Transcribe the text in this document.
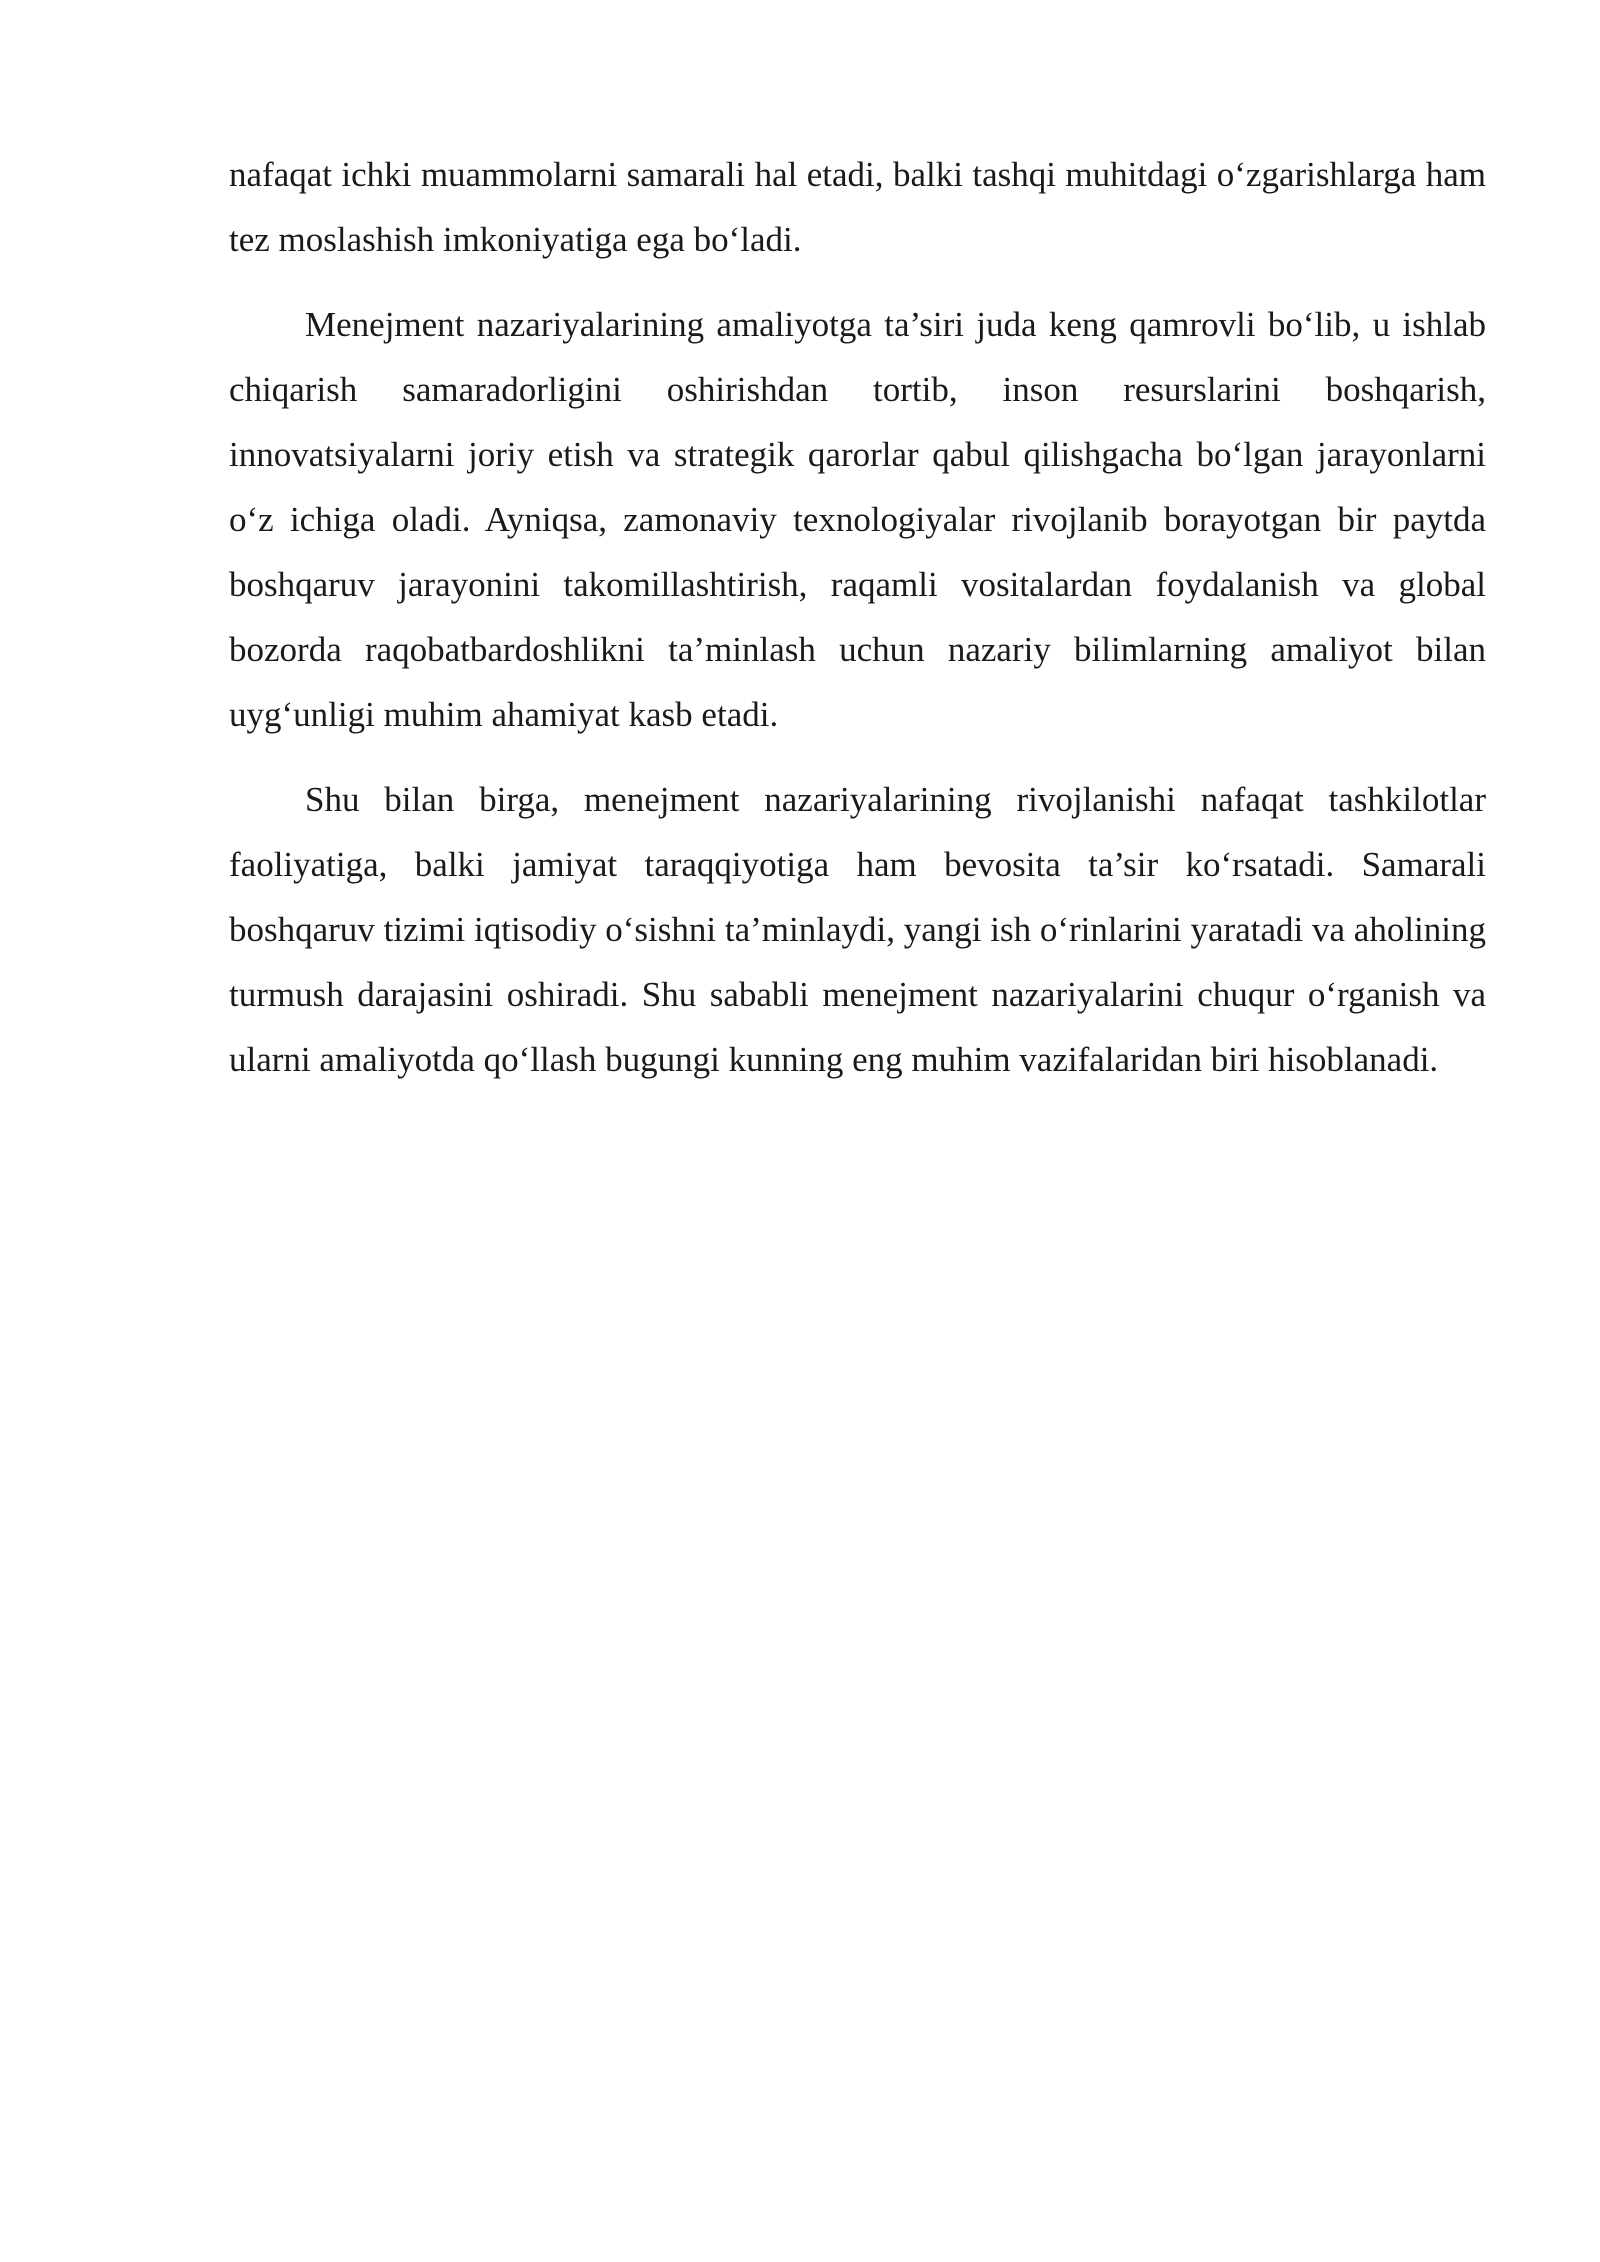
nafaqat ichki muammolarni samarali hal etadi, balki tashqi muhitdagi o‘zgarishlarga ham tez moslashish imkoniyatiga ega bo‘ladi.

Menejment nazariyalarining amaliyotga ta’siri juda keng qamrovli bo‘lib, u ishlab chiqarish samaradorligini oshirishdan tortib, inson resurslarini boshqarish, innovatsiyalarni joriy etish va strategik qarorlar qabul qilishgacha bo‘lgan jarayonlarni o‘z ichiga oladi. Ayniqsa, zamonaviy texnologiyalar rivojlanib borayotgan bir paytda boshqaruv jarayonini takomillashtirish, raqamli vositalardan foydalanish va global bozorda raqobatbardoshlikni ta’minlash uchun nazariy bilimlarning amaliyot bilan uyg‘unligi muhim ahamiyat kasb etadi.

Shu bilan birga, menejment nazariyalarining rivojlanishi nafaqat tashkilotlar faoliyatiga, balki jamiyat taraqqiyotiga ham bevosita ta’sir ko‘rsatadi. Samarali boshqaruv tizimi iqtisodiy o‘sishni ta’minlaydi, yangi ish o‘rinlarini yaratadi va aholining turmush darajasini oshiradi. Shu sababli menejment nazariyalarini chuqur o‘rganish va ularni amaliyotda qo‘llash bugungi kunning eng muhim vazifalaridan biri hisoblanadi.
